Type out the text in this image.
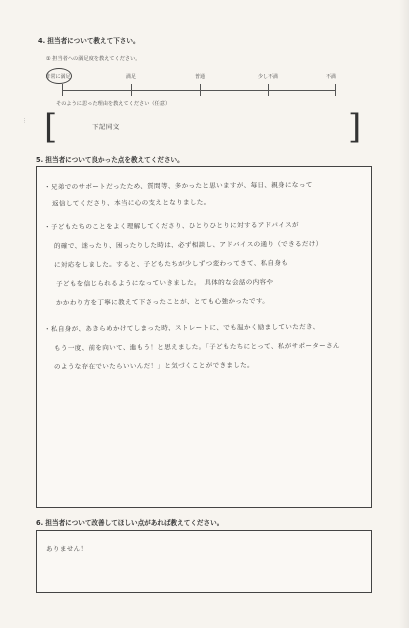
4. 担当者について教えて下さい。
① 担当者への満足度を教えてください。
非常に満足	満足	普通	少し不満	不満
そのように思った理由を教えてください（任意）
[	]
下記同文
⋮
5. 担当者について良かった点を教えてください。
・兄弟でのサポートだったため、質問等、多かったと思いますが、毎日、親身になって
返信してくださり、本当に心の支えとなりました。
・子どもたちのことをよく理解してくださり、ひとりひとりに対するアドバイスが
的確で、迷ったり、困ったりした時は、必ず相談し、アドバイスの通り（できるだけ）
に対応をしました。すると、子どもたちが少しずつ変わってきて、私自身も
子どもを信じられるようになっていきました。　具体的な会話の内容や
かかわり方を丁寧に教えて下さったことが、とても心強かったです。
・私自身が、あきらめかけてしまった時、ストレートに、でも温かく励ましていただき、
もう一度、前を向いて、進もう！と思えました。「子どもたちにとって、私がサポーターさん
のような存在でいたらいいんだ！」と気づくことができました。
6. 担当者について改善してほしい点があれば教えてください。
ありません！
